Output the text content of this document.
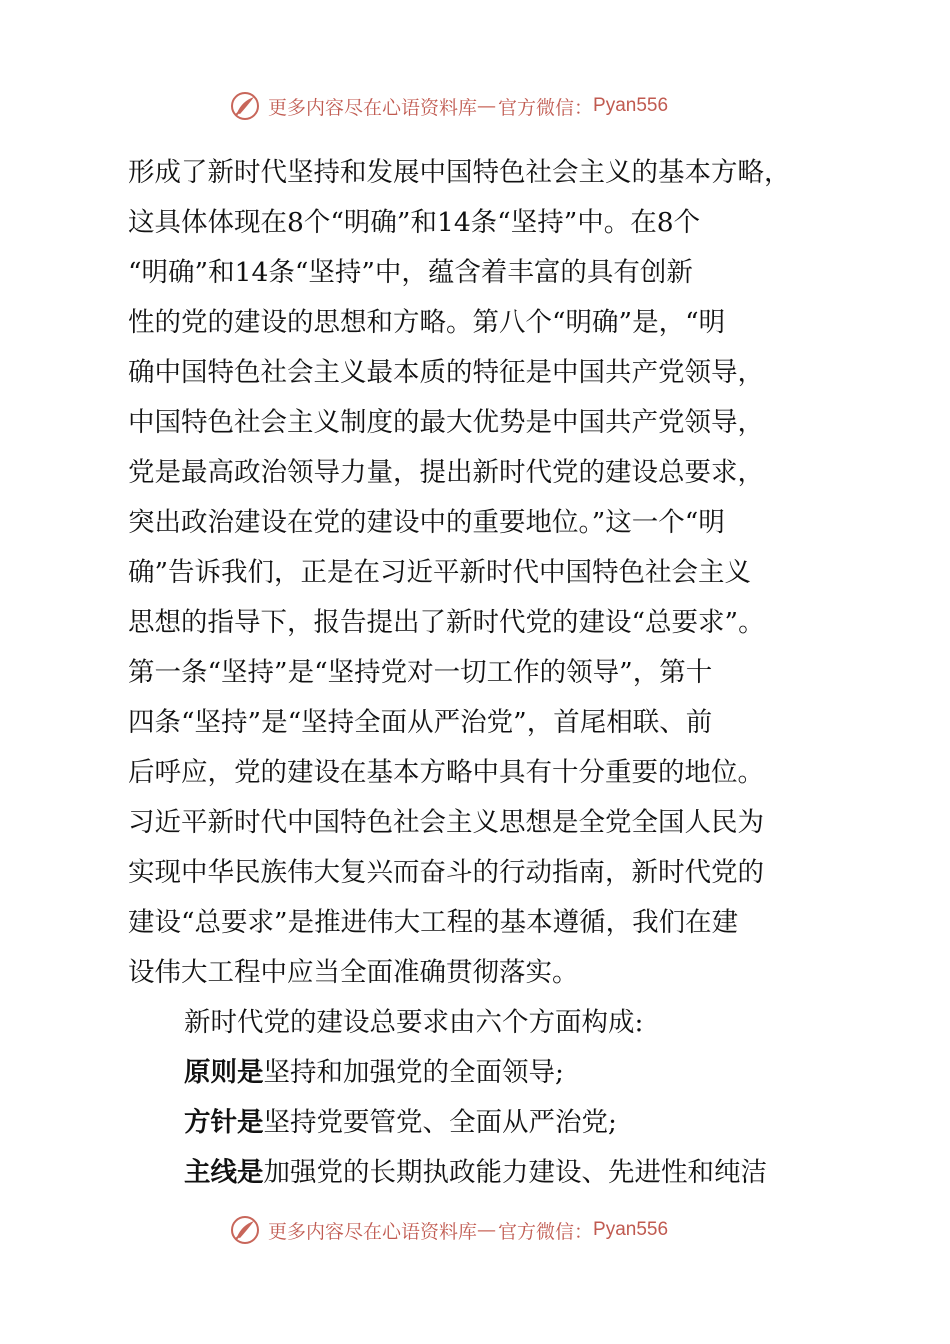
更多内容尽在心语资料库 — 官方微信： Pyan556
形成了新时代坚持和发展中国特色社会主义的基本方略，
这具体体现在8个“明确”和14条“坚持”中。在8个
“明确”和14条“坚持”中，蕴含着丰富的具有创新
性的党的建设的思想和方略。第八个“明确”是，“明
确中国特色社会主义最本质的特征是中国共产党领导，
中国特色社会主义制度的最大优势是中国共产党领导，
党是最高政治领导力量，提出新时代党的建设总要求，
突出政治建设在党的建设中的重要地位。”这一个“明
确”告诉我们，正是在习近平新时代中国特色社会主义
思想的指导下，报告提出了新时代党的建设“总要求”。
第一条“坚持”是“坚持党对一切工作的领导”，第十
四条“坚持”是“坚持全面从严治党”，首尾相联、前
后呼应，党的建设在基本方略中具有十分重要的地位。
习近平新时代中国特色社会主义思想是全党全国人民为
实现中华民族伟大复兴而奋斗的行动指南，新时代党的
建设“总要求”是推进伟大工程的基本遵循，我们在建
设伟大工程中应当全面准确贯彻落实。
新时代党的建设总要求由六个方面构成:
原则是坚持和加强党的全面领导;
方针是坚持党要管党、全面从严治党;
主线是加强党的长期执政能力建设、先进性和纯洁
更多内容尽在心语资料库 — 官方微信： Pyan556
